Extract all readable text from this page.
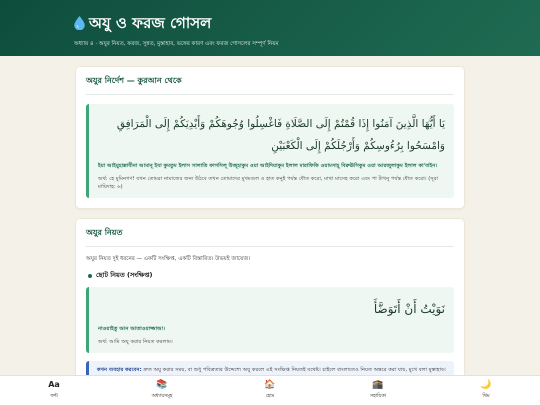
অযু ও ফরজ গোসল
অধ্যায় ৪ · অযুর নিয়ত, ফরজ, সুন্নত, মুস্তাহাব, ভঙ্গের কারণ এবং ফরজ গোসলের সম্পূর্ণ নিয়ম
অযুর নির্দেশ — কুরআন থেকে
يَا أَيُّهَا الَّذِينَ آمَنُوا إِذَا قُمْتُمْ إِلَى الصَّلَاةِ فَاغْسِلُوا وُجُوهَكُمْ وَأَيْدِيَكُمْ إِلَى الْمَرَافِقِ وَامْسَحُوا بِرُءُوسِكُمْ وَأَرْجُلَكُمْ إِلَى الْكَعْبَيْنِ
ইয়া আইয়ুহাল্লাযীনা আমানূ ইযা কুমতুম ইলাস সালাতি ফাগসিলূ উজূহাকুম ওয়া আইদিয়াকুম ইলাল মারাফিকি ওয়ামসাহূ বিরুঊসিকুম ওয়া আরজুলাকুম ইলাল কা'বাইন।
অর্থ: হে মুমিনগণ! যখন তোমরা নামাজের জন্য উঠবে তখন তোমাদের মুখমণ্ডল ও হাত কনুই পর্যন্ত ধৌত করো, মাথা মাসেহ করো এবং পা টাখনু পর্যন্ত ধৌত করো। (সূরা মায়িদাহ: ৬)
অযুর নিয়ত
অযুর নিয়ত দুই ধরনের — একটি সংক্ষিপ্ত, একটি বিস্তারিত। উভয়ই জায়েজ।
ছোট নিয়ত (সংক্ষিপ্ত)
نَوَيْتُ أَنْ أَتَوَضَّأَ
নাওয়াইতু আন আতাওয়াজ্জাআ।
অর্থ: আমি অযু করার নিয়ত করলাম।
কখন ব্যবহার করবেন: দ্রুত অযু করার সময়, বা শুধু পবিত্রতার উদ্দেশ্যে অযু করলে এই সংক্ষিপ্ত নিয়তই যথেষ্ট। চাইলে বাংলাতেও নিয়ত অন্তরে করা যায়, মুখে বলা মুস্তাহাব।
Aa
ফন্ট
📚
অধ্যায়সমূহ
🏠
হোম
🕋
সহায়িকা
🌙
থিম
